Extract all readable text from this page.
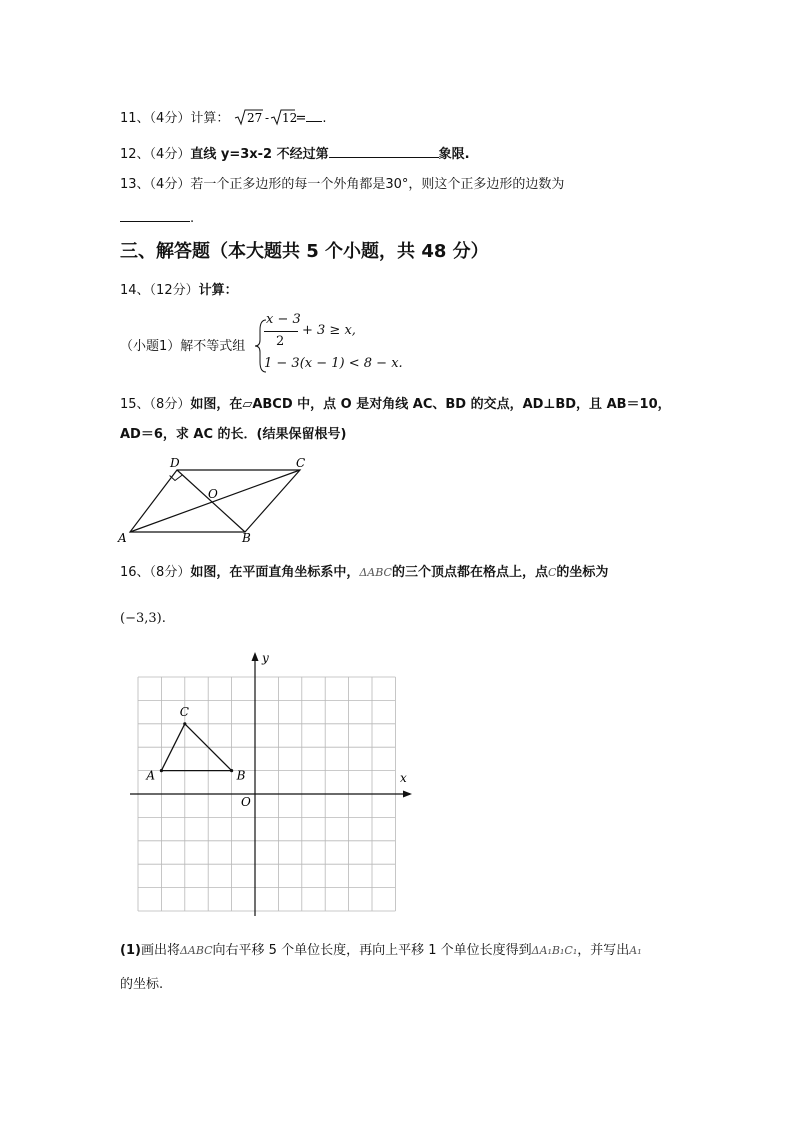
11、（4分）计算： 27 - 12
= .
12、（4分）直线 y=3x-2 不经过第	象限.
13、（4分）若一个正多边形的每一个外角都是30°，则这个正多边形的边数为
.
三、解答题（本大题共 5 个小题，共 48 分）
14、（12分）计算：
（小题1）解不等式组
x − 3
2
+ 3 ≥ x,
1 − 3(x − 1) < 8 − x.
15、（8分）如图，在▱ABCD 中，点 O 是对角线 AC、BD 的交点，AD⊥BD，且 AB＝10，
AD＝6，求 AC 的长．(结果保留根号)
A	B
C
D
O
16、（8分）如图，在平面直角坐标系中，ΔABC的三个顶点都在格点上，点C的坐标为
(−3,3).
A	B
C
O
x
y
(1)画出将ΔABC向右平移 5 个单位长度，再向上平移 1 个单位长度得到ΔA₁B₁C₁，并写出A₁
的坐标.
